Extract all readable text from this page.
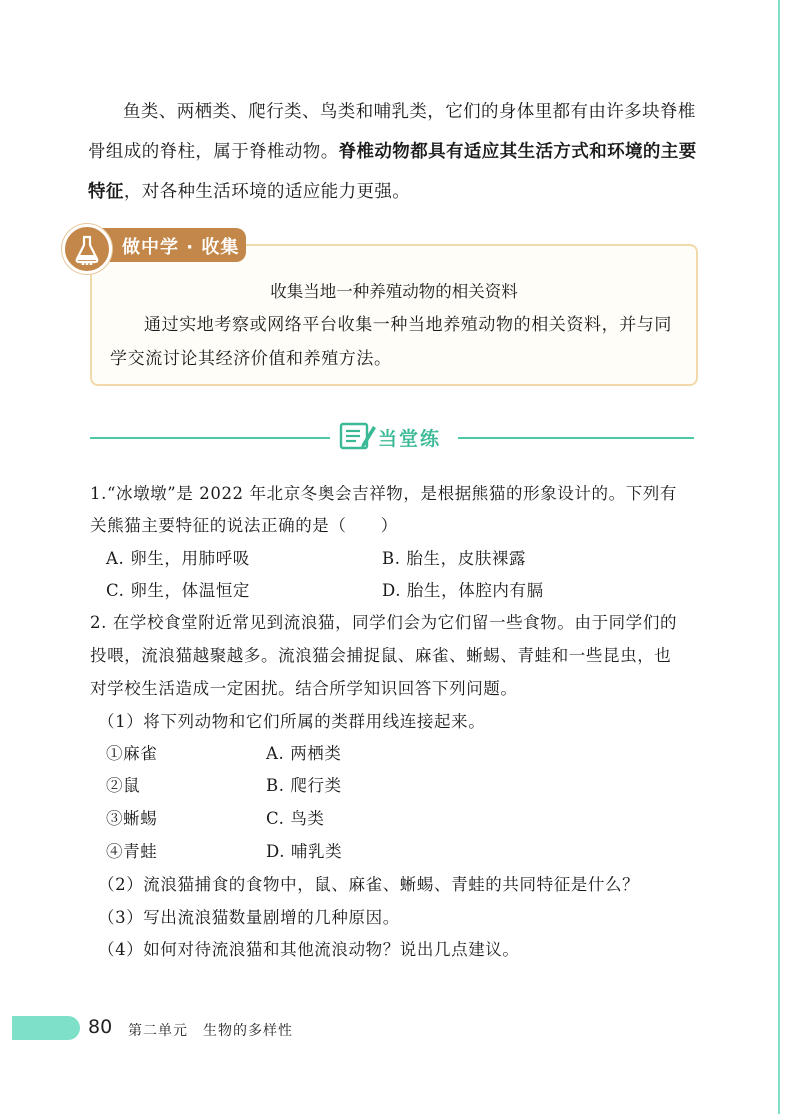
鱼类、两栖类、爬行类、鸟类和哺乳类，它们的身体里都有由许多块脊椎骨组成的脊柱，属于脊椎动物。脊椎动物都具有适应其生活方式和环境的主要特征，对各种生活环境的适应能力更强。

做中学 · 收集
收集当地一种养殖动物的相关资料
通过实地考察或网络平台收集一种当地养殖动物的相关资料，并与同学交流讨论其经济价值和养殖方法。
当堂练
1.“冰墩墩”是 2022 年北京冬奥会吉祥物，是根据熊猫的形象设计的。下列有
关熊猫主要特征的说法正确的是（　　）
A. 卵生，用肺呼吸	B. 胎生，皮肤裸露
C. 卵生，体温恒定	D. 胎生，体腔内有膈
2. 在学校食堂附近常见到流浪猫，同学们会为它们留一些食物。由于同学们的
投喂，流浪猫越聚越多。流浪猫会捕捉鼠、麻雀、蜥蜴、青蛙和一些昆虫，也
对学校生活造成一定困扰。结合所学知识回答下列问题。
（1）将下列动物和它们所属的类群用线连接起来。
①麻雀
②鼠
③蜥蜴
④青蛙
A. 两栖类
B. 爬行类
C. 鸟类
D. 哺乳类
（2）流浪猫捕食的食物中，鼠、麻雀、蜥蜴、青蛙的共同特征是什么？
（3）写出流浪猫数量剧增的几种原因。
（4）如何对待流浪猫和其他流浪动物？说出几点建议。
80 第二单元　生物的多样性
